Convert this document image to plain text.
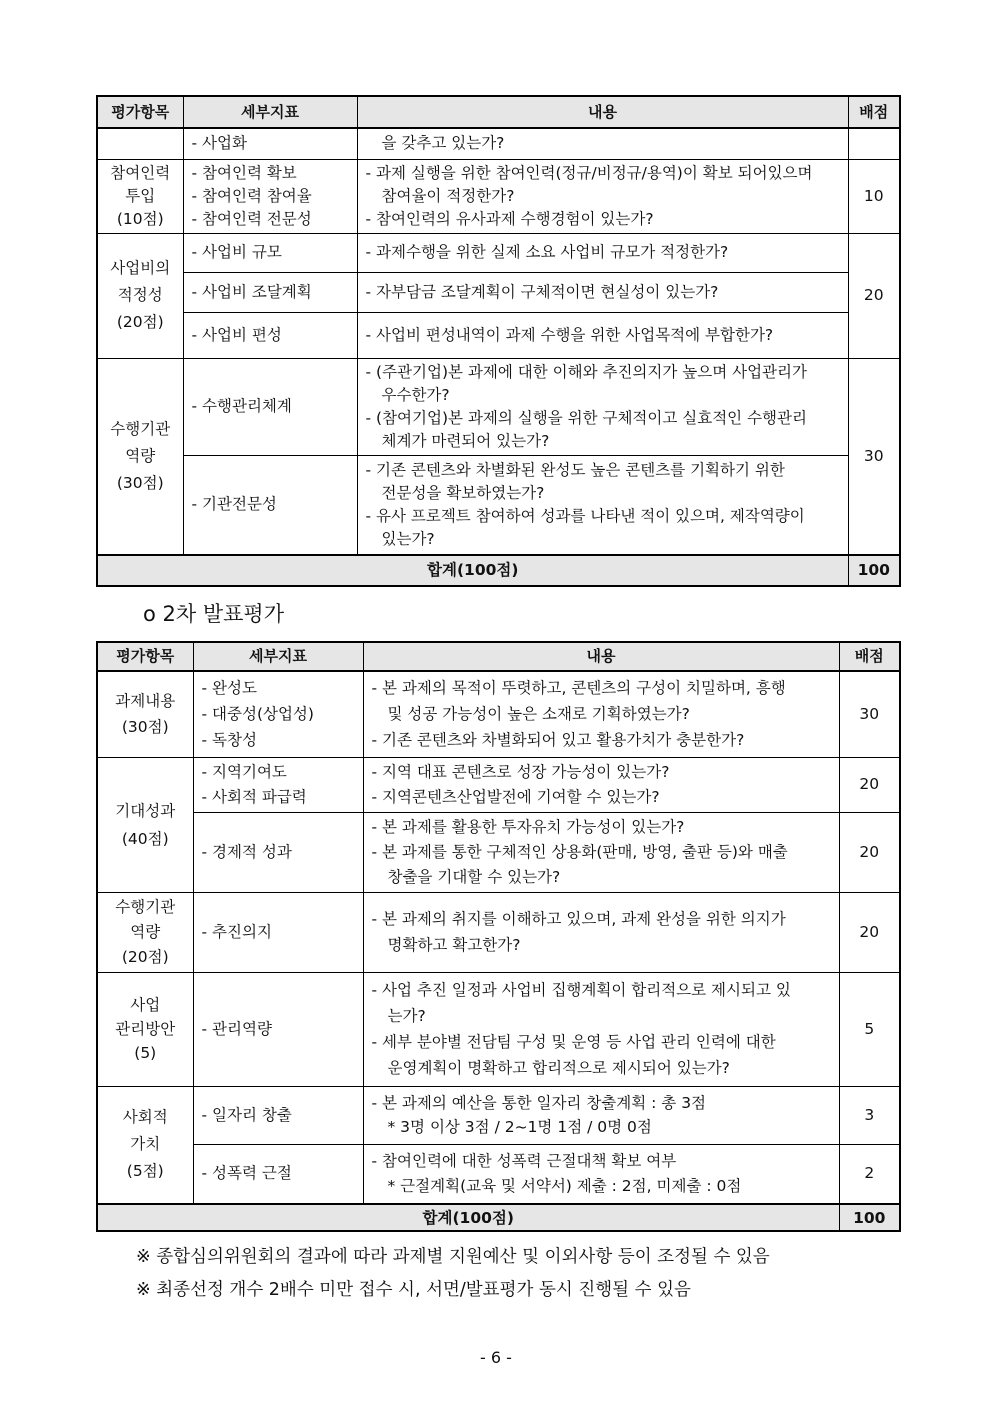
평가항목	세부지표	내용	배점

	- 사업화	을 갖추고 있는가?	

참여인력
투입
(10점)	- 참여인력 확보
- 참여인력 참여율
- 참여인력 전문성	- 과제 실행을 위한 참여인력(정규/비정규/용역)이 확보 되어있으며
참여율이 적정한가?
- 참여인력의 유사과제 수행경험이 있는가?	10

사업비의
적정성
(20점)	- 사업비 규모	- 과제수행을 위한 실제 소요 사업비 규모가 적정한가?	20

	- 사업비 조달계획	- 자부담금 조달계획이 구체적이면 현실성이 있는가?	

	- 사업비 편성	- 사업비 편성내역이 과제 수행을 위한 사업목적에 부합한가?	

수행기관
역량
(30점)	- 수행관리체계	- (주관기업)본 과제에 대한 이해와 추진의지가 높으며 사업관리가
우수한가?
- (참여기업)본 과제의 실행을 위한 구체적이고 실효적인 수행관리
체계가 마련되어 있는가?	30

	- 기관전문성	- 기존 콘텐츠와 차별화된 완성도 높은 콘텐츠를 기획하기 위한
전문성을 확보하였는가?
- 유사 프로젝트 참여하여 성과를 나타낸 적이 있으며, 제작역량이
있는가?	

합계(100점)			100
o 2차 발표평가
평가항목	세부지표	내용	배점

과제내용
(30점)	- 완성도
- 대중성(상업성)
- 독창성	- 본 과제의 목적이 뚜렷하고, 콘텐츠의 구성이 치밀하며, 흥행
및 성공 가능성이 높은 소재로 기획하였는가?
- 기존 콘텐츠와 차별화되어 있고 활용가치가 충분한가?	30

기대성과
(40점)	- 지역기여도
- 사회적 파급력	- 지역 대표 콘텐츠로 성장 가능성이 있는가?
- 지역콘텐츠산업발전에 기여할 수 있는가?	20

	- 경제적 성과	- 본 과제를 활용한 투자유치 가능성이 있는가?
- 본 과제를 통한 구체적인 상용화(판매, 방영, 출판 등)와 매출
창출을 기대할 수 있는가?	20

수행기관
역량
(20점)	- 추진의지	- 본 과제의 취지를 이해하고 있으며, 과제 완성을 위한 의지가
명확하고 확고한가?	20

사업
관리방안
(5)	- 관리역량	- 사업 추진 일정과 사업비 집행계획이 합리적으로 제시되고 있
는가?
- 세부 분야별 전담팀 구성 및 운영 등 사업 관리 인력에 대한
운영계획이 명확하고 합리적으로 제시되어 있는가?	5

사회적
가치
(5점)	- 일자리 창출	- 본 과제의 예산을 통한 일자리 창출계획 : 총 3점
* 3명 이상 3점 / 2~1명 1점 / 0명 0점	3

	- 성폭력 근절	- 참여인력에 대한 성폭력 근절대책 확보 여부
* 근절계획(교육 및 서약서) 제출 : 2점, 미제출 : 0점	2
합계(100점)			100
※ 종합심의위원회의 결과에 따라 과제별 지원예산 및 이외사항 등이 조정될 수 있음
※ 최종선정 개수 2배수 미만 접수 시, 서면/발표평가 동시 진행될 수 있음
- 6 -
